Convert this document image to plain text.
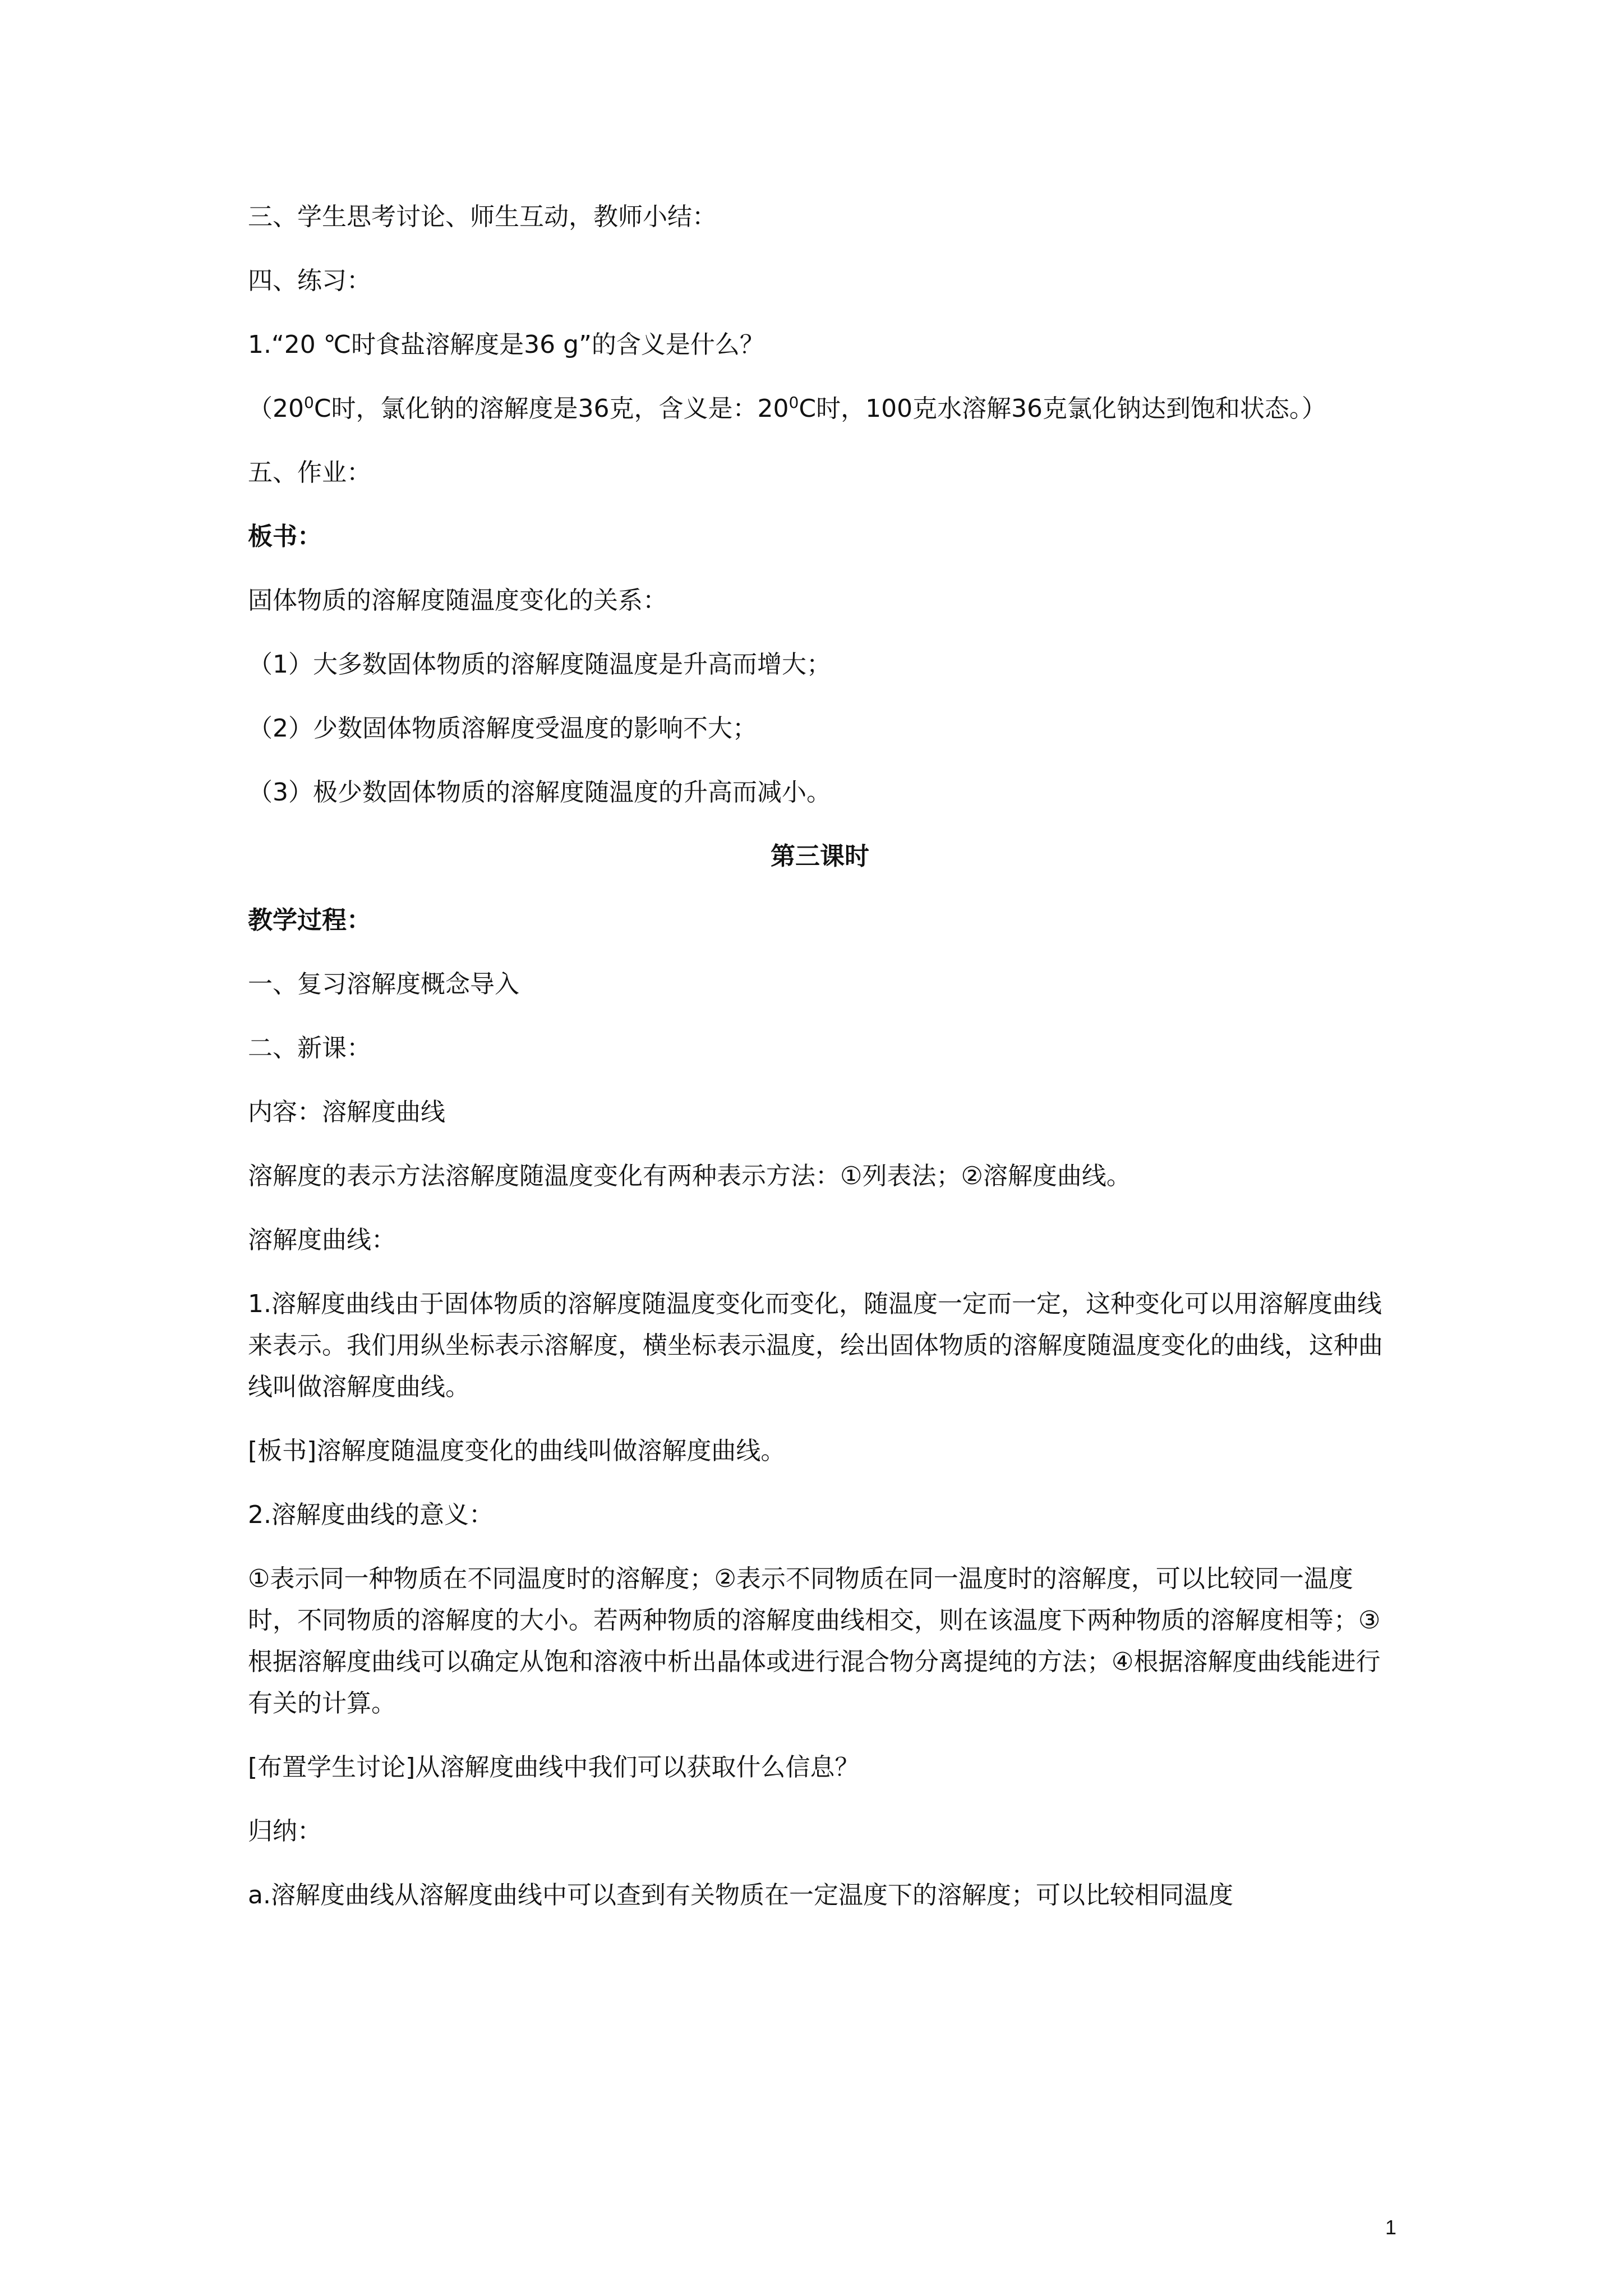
三、学生思考讨论、师生互动，教师小结：

四、练习：

1.“20 ℃时食盐溶解度是36 g”的含义是什么？

（$20^0C$时，氯化钠的溶解度是36克，含义是：$20^0C$时，100克水溶解36克氯化钠达到饱和状态。）

五、作业：

板书：

固体物质的溶解度随温度变化的关系：

（1）大多数固体物质的溶解度随温度是升高而增大；

（2）少数固体物质溶解度受温度的影响不大；

（3）极少数固体物质的溶解度随温度的升高而减小。

第三课时

教学过程：

一、复习溶解度概念导入

二、新课：

内容：溶解度曲线

溶解度的表示方法溶解度随温度变化有两种表示方法：①列表法；②溶解度曲线。

溶解度曲线：

1.溶解度曲线由于固体物质的溶解度随温度变化而变化，随温度一定而一定，这种变化可以用溶解度曲线来表示。我们用纵坐标表示溶解度，横坐标表示温度，绘出固体物质的溶解度随温度变化的曲线，这种曲线叫做溶解度曲线。

[板书]溶解度随温度变化的曲线叫做溶解度曲线。

2.溶解度曲线的意义：

①表示同一种物质在不同温度时的溶解度；②表示不同物质在同一温度时的溶解度，可以比较同一温度时，不同物质的溶解度的大小。若两种物质的溶解度曲线相交，则在该温度下两种物质的溶解度相等；③根据溶解度曲线可以确定从饱和溶液中析出晶体或进行混合物分离提纯的方法；④根据溶解度曲线能进行有关的计算。

[布置学生讨论]从溶解度曲线中我们可以获取什么信息？

归纳：

a.溶解度曲线从溶解度曲线中可以查到有关物质在一定温度下的溶解度；可以比较相同温度

1
